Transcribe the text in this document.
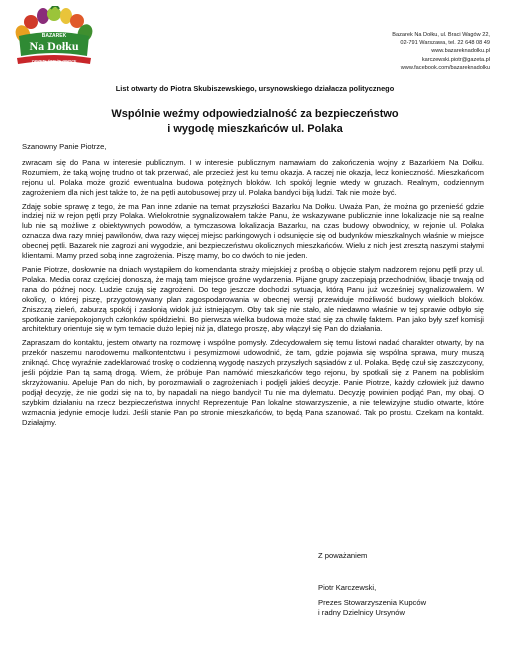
BAZAREK
Na Dołku
ZAWSZE ŚWIEŻE OWOCE
Bazarek Na Dołku, ul. Braci Wagów 22,
02-791 Warszawa, tel. 22 648 08 49
www.bazareknadolku.pl
karczewski.piotr@gazeta.pl
www.facebook.com/bazareknadolku
List otwarty do Piotra Skubiszewskiego, ursynowskiego działacza politycznego
Wspólnie weźmy odpowiedzialność za bezpieczeństwo
i wygodę mieszkańców ul. Polaka

Szanowny Panie Piotrze,

zwracam się do Pana w interesie publicznym. I w interesie publicznym namawiam do zakończenia wojny z Bazarkiem Na Dołku. Rozumiem, że taką wojnę trudno ot tak przerwać, ale przecież jest ku temu okazja. A raczej nie okazja, lecz konieczność. Mieszkańcom rejonu ul. Polaka może grozić ewentualna budowa potężnych bloków. Ich spokój legnie wtedy w gruzach. Realnym, codziennym zagrożeniem dla nich jest także to, że na pętli autobusowej przy ul. Polaka bandyci biją ludzi. Tak nie może być.

Zdaję sobie sprawę z tego, że ma Pan inne zdanie na temat przyszłości Bazarku Na Dołku. Uważa Pan, że można go przenieść gdzie indziej niż w rejon pętli przy Polaka. Wielokrotnie sygnalizowałem także Panu, że wskazywane publicznie inne lokalizacje nie są realne lub nie są możliwe z obiektywnych powodów, a tymczasowa lokalizacja Bazarku, na czas budowy obwodnicy, w rejonie ul. Polaka oznacza dwa razy mniej pawilonów, dwa razy więcej miejsc parkingowych i odsunięcie się od budynków mieszkalnych właśnie w miejsce obecnej pętli. Bazarek nie zagrozi ani wygodzie, ani bezpieczeństwu okolicznych mieszkańców. Wielu z nich jest zresztą naszymi stałymi klientami. Mamy przed sobą inne zagrożenia. Piszę mamy, bo co dwóch to nie jeden.

Panie Piotrze, dosłownie na dniach wystąpiłem do komendanta straży miejskiej z prośbą o objęcie stałym nadzorem rejonu pętli przy ul. Polaka. Media coraz częściej donoszą, że mają tam miejsce groźne wydarzenia. Pijane grupy zaczepiają przechodniów, libacje trwają od rana do późnej nocy. Ludzie czują się zagrożeni. Do tego jeszcze dochodzi sytuacja, którą Panu już wcześniej sygnalizowałem. W okolicy, o której piszę, przygotowywany plan zagospodarowania w obecnej wersji przewiduje możliwość budowy wielkich bloków. Zniszczą zieleń, zaburzą spokój i zasłonią widok już istniejącym. Oby tak się nie stało, ale niedawno właśnie w tej sprawie odbyło się spotkanie zaniepokojonych członków spółdzielni. Bo pierwsza wielka budowa może stać się za chwilę faktem. Pan jako były szef komisji architektury orientuje się w tym temacie dużo lepiej niż ja, dlatego proszę, aby włączył się Pan do działania.

Zapraszam do kontaktu, jestem otwarty na rozmowę i wspólne pomysły. Zdecydowałem się temu listowi nadać charakter otwarty, by na przekór naszemu narodowemu malkontentctwu i pesymizmowi udowodnić, że tam, gdzie pojawia się wspólna sprawa, mury muszą zniknąć. Chcę wyraźnie zadeklarować troskę o codzienną wygodę naszych przyszłych sąsiadów z ul. Polaka. Będę czuł się zaszczycony, jeśli pójdzie Pan tą samą drogą. Wiem, że próbuje Pan namówić mieszkańców tego rejonu, by spotkali się z Panem na pobliskim skrzyżowaniu. Apeluje Pan do nich, by porozmawiali o zagrożeniach i podjęli jakieś decyzje. Panie Piotrze, każdy człowiek już dawno podjął decyzję, że nie godzi się na to, by napadali na niego bandyci! Tu nie ma dylematu. Decyzję powinien podjąć Pan, my obaj. O szybkim działaniu na rzecz bezpieczeństwa innych! Reprezentuje Pan lokalne stowarzyszenie, a nie telewizyjne studio otwarte, które wzmacnia jedynie emocje ludzi. Jeśli stanie Pan po stronie mieszkańców, to będą Pana szanować. Tak po prostu. Czekam na kontakt. Działajmy.

Z poważaniem
Piotr Karczewski,
Prezes Stowarzyszenia Kupców
i radny Dzielnicy Ursynów
